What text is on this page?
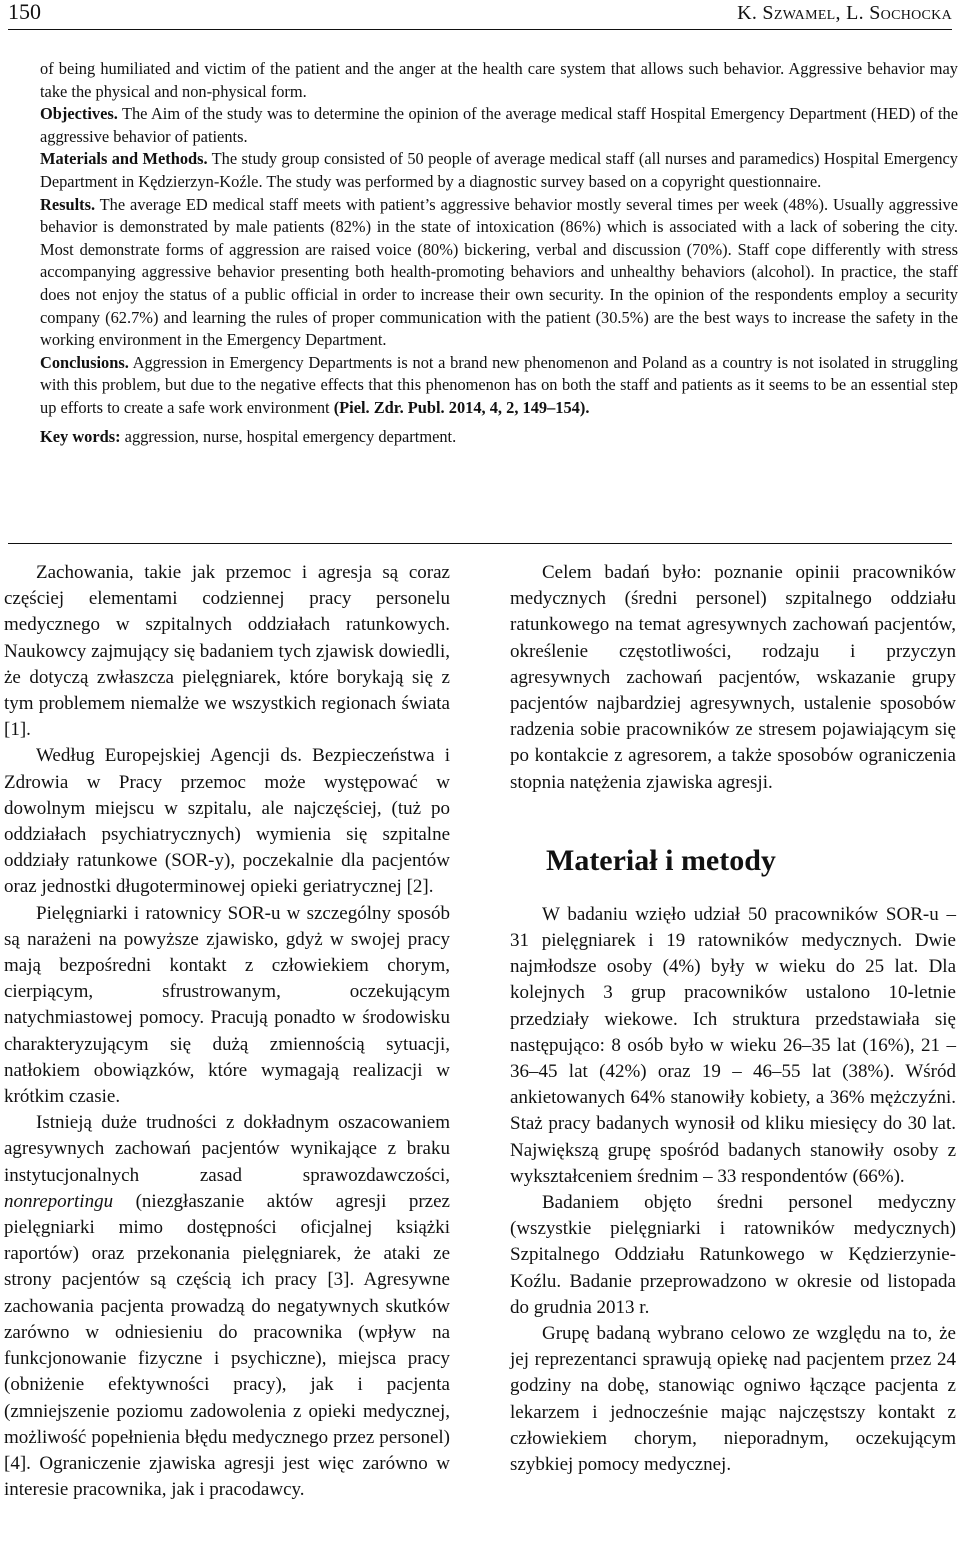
150	K. Szwamel, L. Sochocka

of being humiliated and victim of the patient and the anger at the health care system that allows such behavior. Aggressive behavior may take the physical and non-physical form.

Objectives. The Aim of the study was to determine the opinion of the average medical staff Hospital Emergency Department (HED) of the aggressive behavior of patients.

Materials and Methods. The study group consisted of 50 people of average medical staff (all nurses and paramedics) Hospital Emergency Department in Kędzierzyn-Koźle. The study was performed by a diagnostic survey based on a copyright questionnaire.

Results. The average ED medical staff meets with patient’s aggressive behavior mostly several times per week (48%). Usually aggressive behavior is demonstrated by male patients (82%) in the state of intoxication (86%) which is associated with a lack of sobering the city. Most demonstrate forms of aggression are raised voice (80%) bickering, verbal and discussion (70%). Staff cope differently with stress accompanying aggressive behavior presenting both health-promoting behaviors and unhealthy behaviors (alcohol). In practice, the staff does not enjoy the status of a public official in order to increase their own security. In the opinion of the respondents employ a security company (62.7%) and learning the rules of proper communication with the patient (30.5%) are the best ways to increase the safety in the working environment in the Emergency Department.

Conclusions. Aggression in Emergency Departments is not a brand new phenomenon and Poland as a country is not isolated in struggling with this problem, but due to the negative effects that this phenomenon has on both the staff and patients as it seems to be an essential step up efforts to create a safe work environment (Piel. Zdr. Publ. 2014, 4, 2, 149–154).

Key words: aggression, nurse, hospital emergency department.

Zachowania, takie jak przemoc i agresja są coraz częściej elementami codziennej pracy personelu medycznego w szpitalnych oddziałach ratunkowych. Naukowcy zajmujący się badaniem tych zjawisk dowiedli, że dotyczą zwłaszcza pielęgniarek, które borykają się z tym problemem niemalże we wszystkich regionach świata [1].

Według Europejskiej Agencji ds. Bezpieczeństwa i Zdrowia w Pracy przemoc może występować w dowolnym miejscu w szpitalu, ale najczęściej, (tuż po oddziałach psychiatrycznych) wymienia się szpitalne oddziały ratunkowe (SOR-y), poczekalnie dla pacjentów oraz jednostki długoterminowej opieki geriatrycznej [2].

Pielęgniarki i ratownicy SOR-u w szczególny sposób są narażeni na powyższe zjawisko, gdyż w swojej pracy mają bezpośredni kontakt z człowiekiem chorym, cierpiącym, sfrustrowanym, oczekującym natychmiastowej pomocy. Pracują ponadto w środowisku charakteryzującym się dużą zmiennością sytuacji, natłokiem obowiązków, które wymagają realizacji w krótkim czasie.

Istnieją duże trudności z dokładnym oszacowaniem agresywnych zachowań pacjentów wynikające z braku instytucjonalnych zasad sprawozdawczości, nonreportingu (niezgłaszanie aktów agresji przez pielęgniarki mimo dostępności oficjalnej książki raportów) oraz przekonania pielęgniarek, że ataki ze strony pacjentów są częścią ich pracy [3]. Agresywne zachowania pacjenta prowadzą do negatywnych skutków zarówno w odniesieniu do pracownika (wpływ na funkcjonowanie fizyczne i psychiczne), miejsca pracy (obniżenie efektywności pracy), jak i pacjenta (zmniejszenie poziomu zadowolenia z opieki medycznej, możliwość popełnienia błędu medycznego przez personel) [4]. Ograniczenie zjawiska agresji jest więc zarówno w interesie pracownika, jak i pracodawcy.

Celem badań było: poznanie opinii pracowników medycznych (średni personel) szpitalnego oddziału ratunkowego na temat agresywnych zachowań pacjentów, określenie częstotliwości, rodzaju i przyczyn agresywnych zachowań pacjentów, wskazanie grupy pacjentów najbardziej agresywnych, ustalenie sposobów radzenia sobie pracowników ze stresem pojawiającym się po kontakcie z agresorem, a także sposobów ograniczenia stopnia natężenia zjawiska agresji.

Materiał i metody

W badaniu wzięło udział 50 pracowników SOR-u – 31 pielęgniarek i 19 ratowników medycznych. Dwie najmłodsze osoby (4%) były w wieku do 25 lat. Dla kolejnych 3 grup pracowników ustalono 10-letnie przedziały wiekowe. Ich struktura przedstawiała się następująco: 8 osób było w wieku 26–35 lat (16%), 21 – 36–45 lat (42%) oraz 19 – 46–55 lat (38%). Wśród ankietowanych 64% stanowiły kobiety, a 36% mężczyźni. Staż pracy badanych wynosił od kliku miesięcy do 30 lat. Największą grupę spośród badanych stanowiły osoby z wykształceniem średnim – 33 respondentów (66%).

Badaniem objęto średni personel medyczny (wszystkie pielęgniarki i ratowników medycznych) Szpitalnego Oddziału Ratunkowego w Kędzierzynie-Koźlu. Badanie przeprowadzono w okresie od listopada do grudnia 2013 r.

Grupę badaną wybrano celowo ze względu na to, że jej reprezentanci sprawują opiekę nad pacjentem przez 24 godziny na dobę, stanowiąc ogniwo łączące pacjenta z lekarzem i jednocześnie mając najczęstszy kontakt z człowiekiem chorym, nieporadnym, oczekującym szybkiej pomocy medycznej.
